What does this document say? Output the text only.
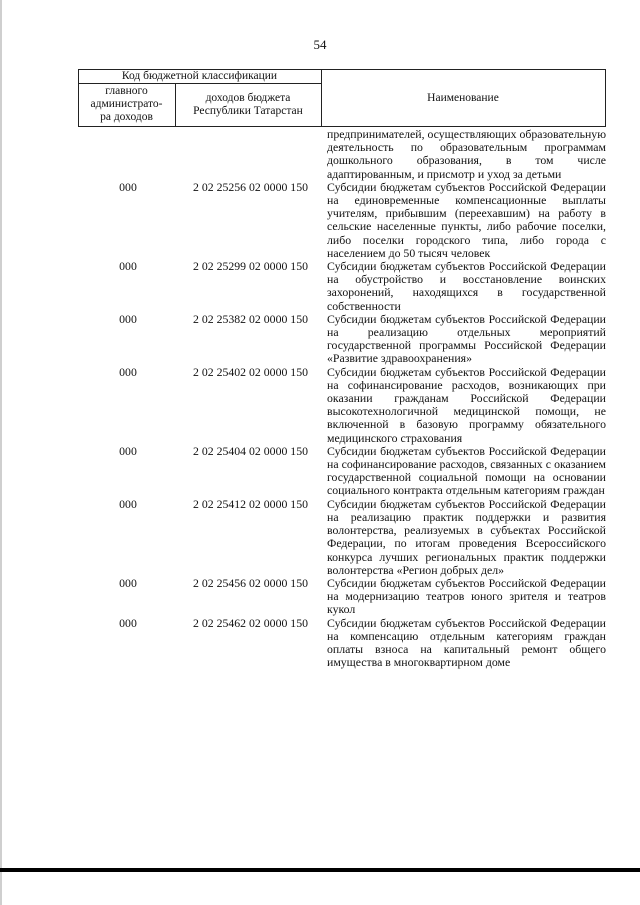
54
Код бюджетной классификации
главного
администрато-
ра доходов
доходов бюджета
Республики Татарстан
Наименование
предпринимателей, осуществляющих образовательную деятельность по образовательным программам дошкольного образования, в том числе адаптированным, и присмотр и уход за детьми
000	2 02 25256 02 0000 150	Субсидии бюджетам субъектов Российской Федерации на единовременные компенсационные выплаты учителям, прибывшим (переехавшим) на работу в сельские населенные пункты, либо рабочие поселки, либо поселки городского типа, либо города с населением до 50 тысяч человек
000	2 02 25299 02 0000 150	Субсидии бюджетам субъектов Российской Федерации на обустройство и восстановление воинских захоронений, находящихся в государственной собственности
000	2 02 25382 02 0000 150	Субсидии бюджетам субъектов Российской Федерации на реализацию отдельных мероприятий государственной программы Российской Федерации «Развитие здравоохранения»
000	2 02 25402 02 0000 150	Субсидии бюджетам субъектов Российской Федерации на софинансирование расходов, возникающих при оказании гражданам Российской Федерации высокотехнологичной медицинской помощи, не включенной в базовую программу обязательного медицинского страхования
000	2 02 25404 02 0000 150	Субсидии бюджетам субъектов Российской Федерации на софинансирование расходов, связанных с оказанием государственной социальной помощи на основании социального контракта отдельным категориям граждан
000	2 02 25412 02 0000 150	Субсидии бюджетам субъектов Российской Федерации на реализацию практик поддержки и развития волонтерства, реализуемых в субъектах Российской Федерации, по итогам проведения Всероссийского конкурса лучших региональных практик поддержки волонтерства «Регион добрых дел»
000	2 02 25456 02 0000 150	Субсидии бюджетам субъектов Российской Федерации на модернизацию театров юного зрителя и театров кукол
000	2 02 25462 02 0000 150	Субсидии бюджетам субъектов Российской Федерации на компенсацию отдельным категориям граждан оплаты взноса на капитальный ремонт общего имущества в многоквартирном доме
